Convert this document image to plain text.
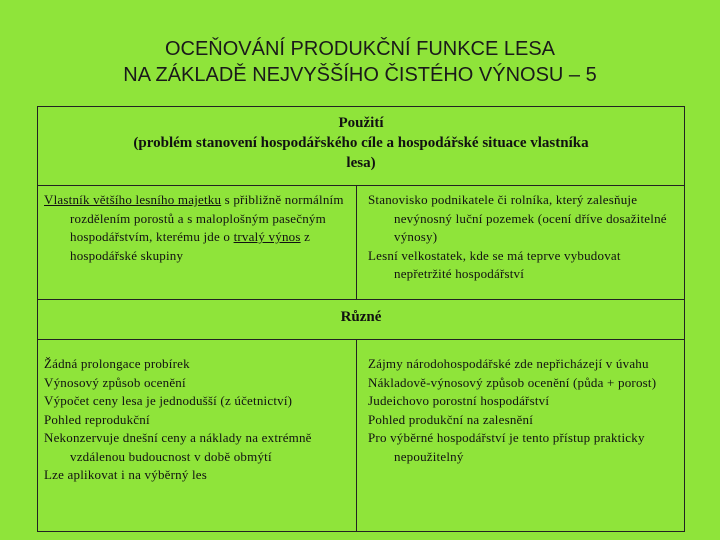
OCEŇOVÁNÍ PRODUKČNÍ FUNKCE LESA
NA ZÁKLADĚ NEJVYŠŠÍHO ČISTÉHO VÝNOSU – 5
Použití
(problém stanovení hospodářského cíle a hospodářské situace vlastníka
lesa)

Vlastník většího lesního majetku s přibližně normálním rozdělením porostů a s maloplošným pasečným hospodářstvím, kterému jde o trvalý výnos z hospodářské skupiny

Stanovisko podnikatele či rolníka, který zalesňuje nevýnosný luční pozemek (ocení dříve dosažitelné výnosy)

Lesní velkostatek, kde se má teprve vybudovat nepřetržité hospodářství

Různé

Žádná prolongace probírek

Výnosový způsob ocenění

Výpočet ceny lesa je jednodušší (z účetnictví)

Pohled reprodukční

Nekonzervuje dnešní ceny a náklady na extrémně vzdálenou budoucnost v době obmýtí

Lze aplikovat i na výběrný les

Zájmy národohospodářské zde nepřicházejí v úvahu

Nákladově-výnosový způsob ocenění (půda + porost)

Judeichovo porostní hospodářství

Pohled produkční na zalesnění

Pro výběrné hospodářství je tento přístup prakticky nepoužitelný
